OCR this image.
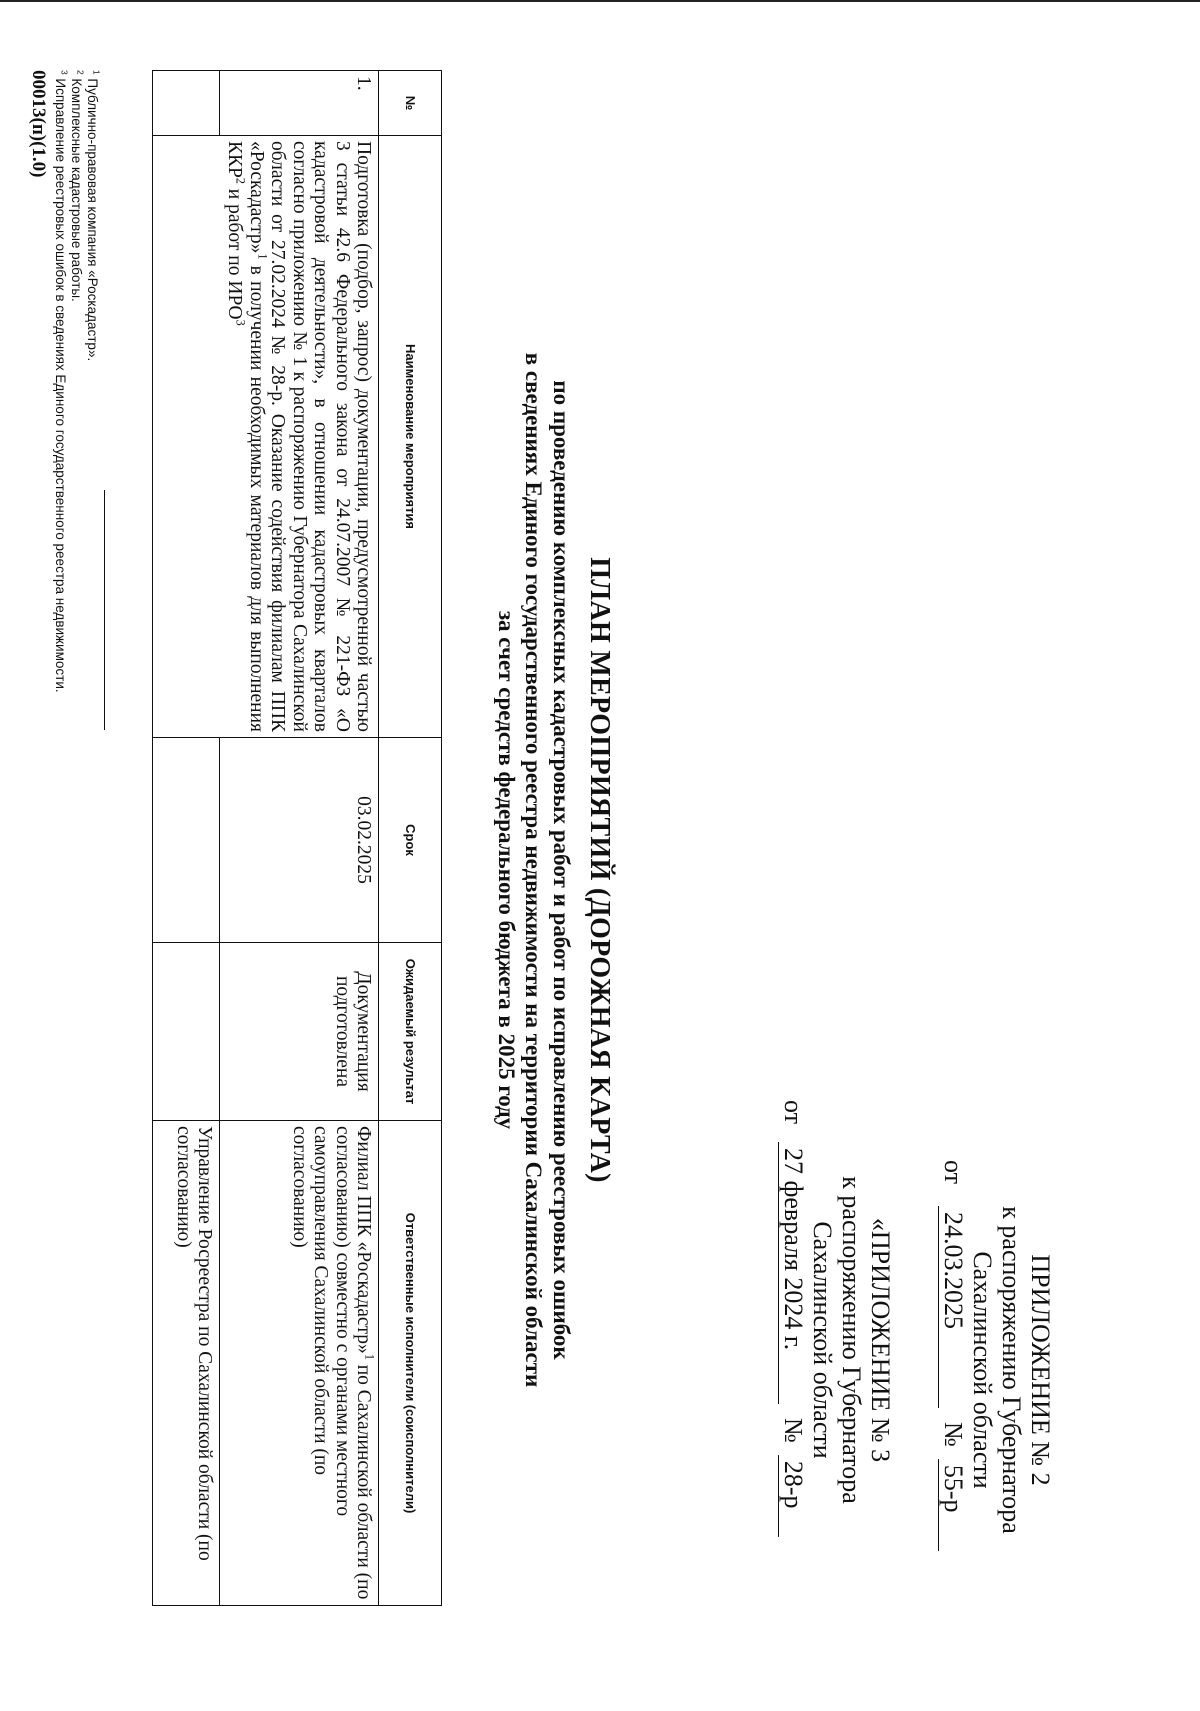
ПРИЛОЖЕНИЕ № 2
к распоряжению Губернатора
Сахалинской области
от
24.03.2025
№
55-р
«ПРИЛОЖЕНИЕ № 3
к распоряжению Губернатора
Сахалинской области
от
27 февраля 2024 г.
№
28-р
ПЛАН МЕРОПРИЯТИЙ (ДОРОЖНАЯ КАРТА)
по проведению комплексных кадастровых работ и работ по исправлению реестровых ошибок
в сведениях Единого государственного реестра недвижимости на территории Сахалинской области
за счет средств федерального бюджета в 2025 году
№	Наименование мероприятия	Срок	Ожидаемый результат	Ответственные исполнители (соисполнители)
1.	Подготовка (подбор, запрос) документации, предусмотренной частью 3 статьи 42.6 Федерального закона от 24.07.2007 № 221-ФЗ «О кадастровой деятельности», в отношении кадастровых кварталов согласно приложению № 1 к распоряжению Губернатора Сахалинской области от 27.02.2024 № 28-р. Оказание содействия филиалам ППК «Роскадастр»$^1$ в получении необходимых материалов для выполнения ККР$^2$ и работ по ИРО$^3$	03.02.2025	Документация подготовлена	Филиал ППК «Роскадастр»$^1$ по Сахалинской области (по согласованию) совместно с органами местного самоуправления Сахалинской области (по согласованию)
				Управление Росреестра по Сахалинской области (по согласованию)
$^1$ Публично-правовая компания «Роскадастр».
$^2$ Комплексные кадастровые работы.
$^3$ Исправление реестровых ошибок в сведениях Единого государственного реестра недвижимости.
00013(п)(1.0)
